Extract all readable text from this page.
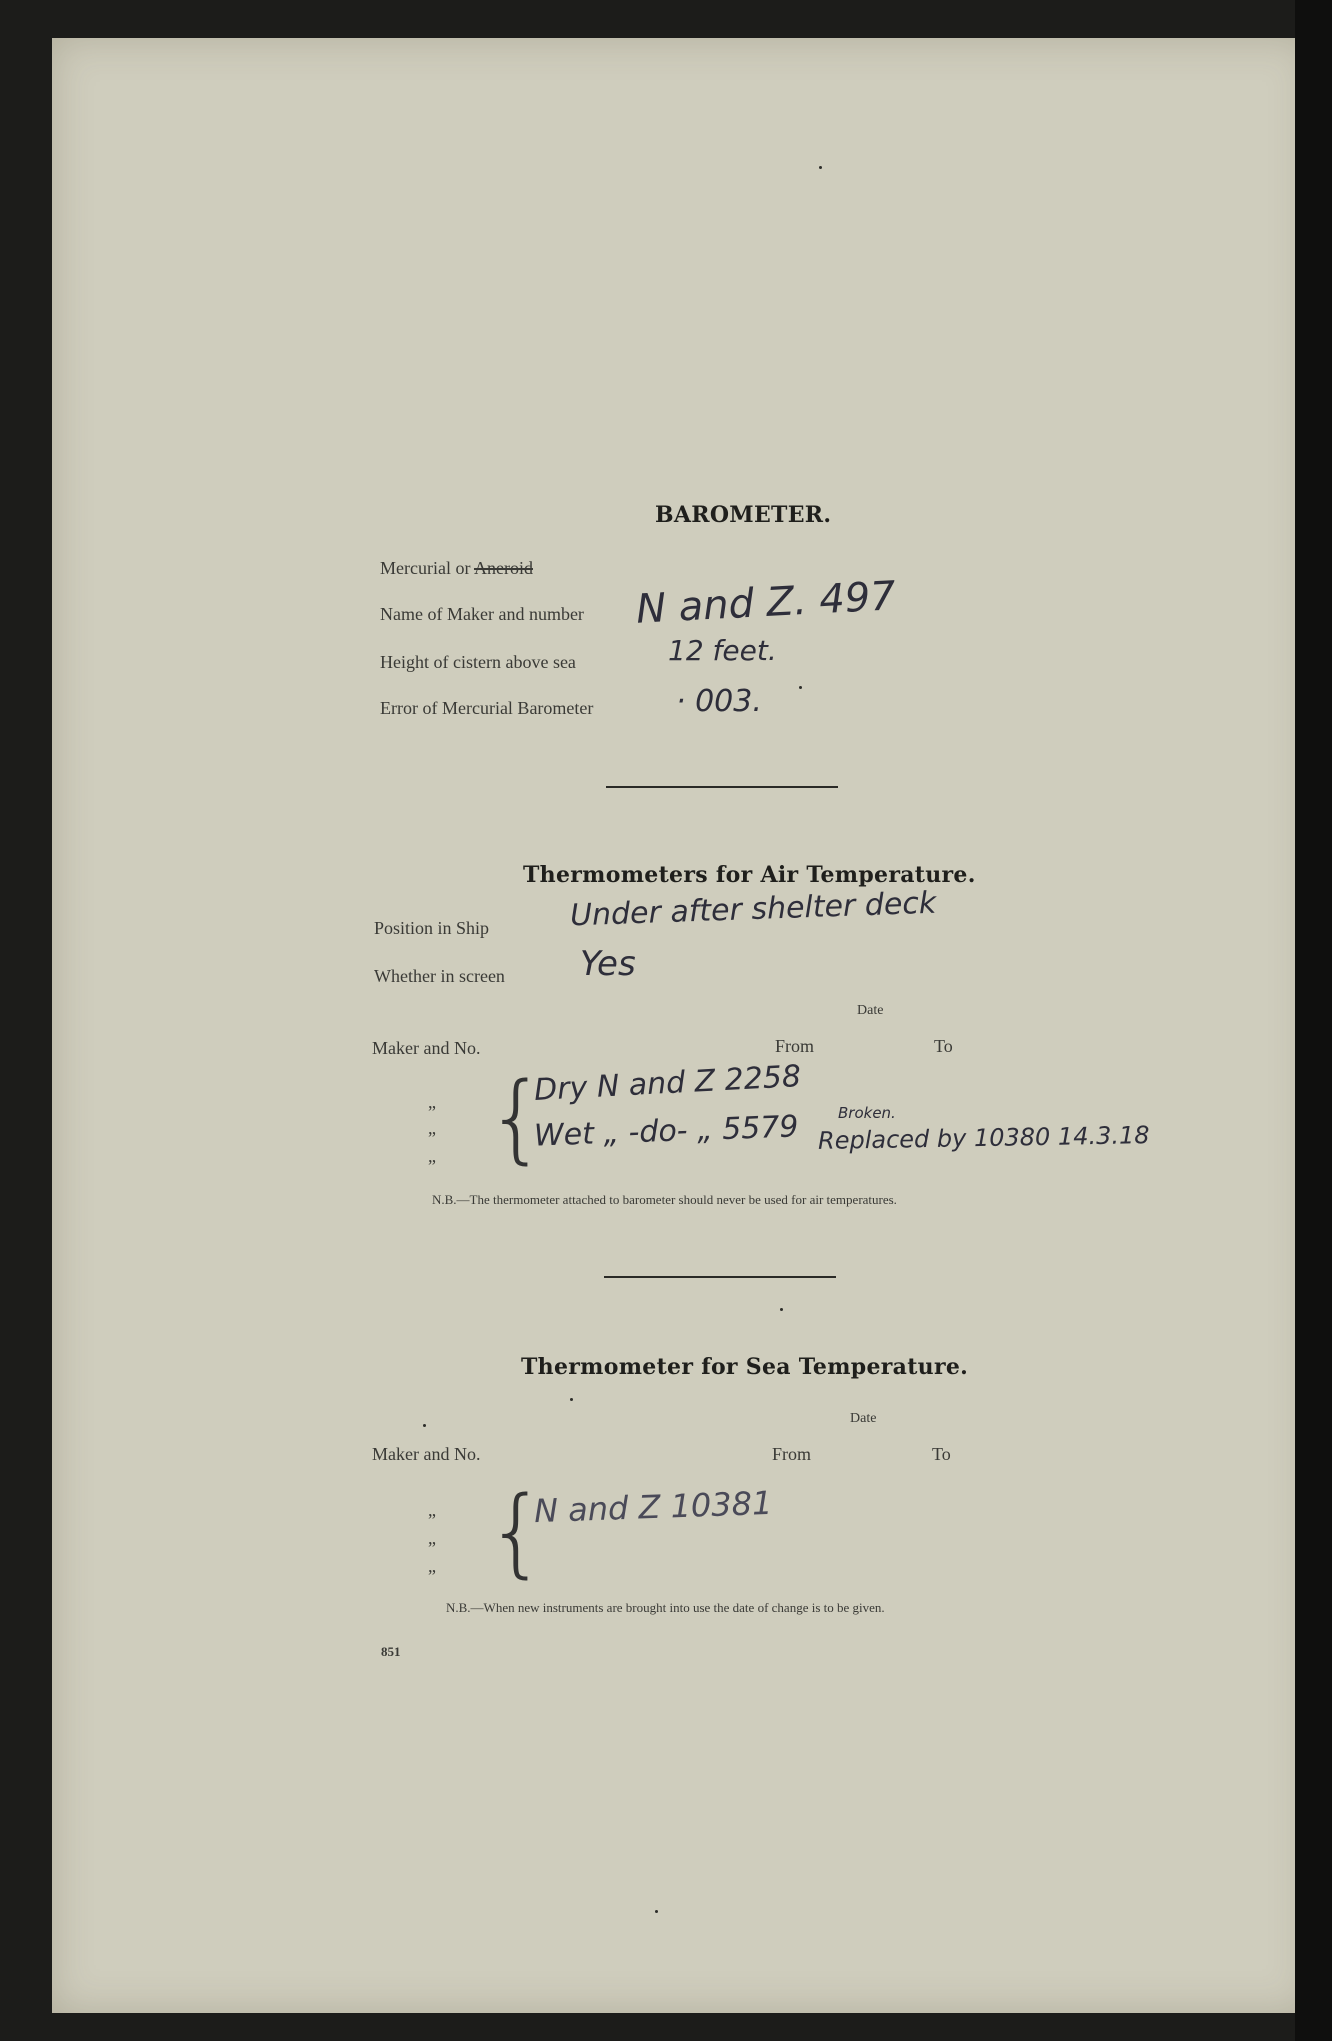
BAROMETER.
Mercurial or Aneroid
Name of Maker and number N and Z. 497
Height of cistern above sea	12 feet.
Error of Mercurial Barometer	· 003.
Thermometers for Air Temperature.
Position in Ship	Under after shelter deck
Whether in screen Yes
Date
Maker and No.	From	To
„
„
„ {
Dry N and Z 2258
Wet „ -do- „ 5579	Broken.
Replaced by 10380 14.3.18
N.B.—The thermometer attached to barometer should never be used for air temperatures.
Thermometer for Sea Temperature.
Date
Maker and No.	From	To
„
„
„ {
N and Z 10381
N.B.—When new instruments are brought into use the date of change is to be given.
851
